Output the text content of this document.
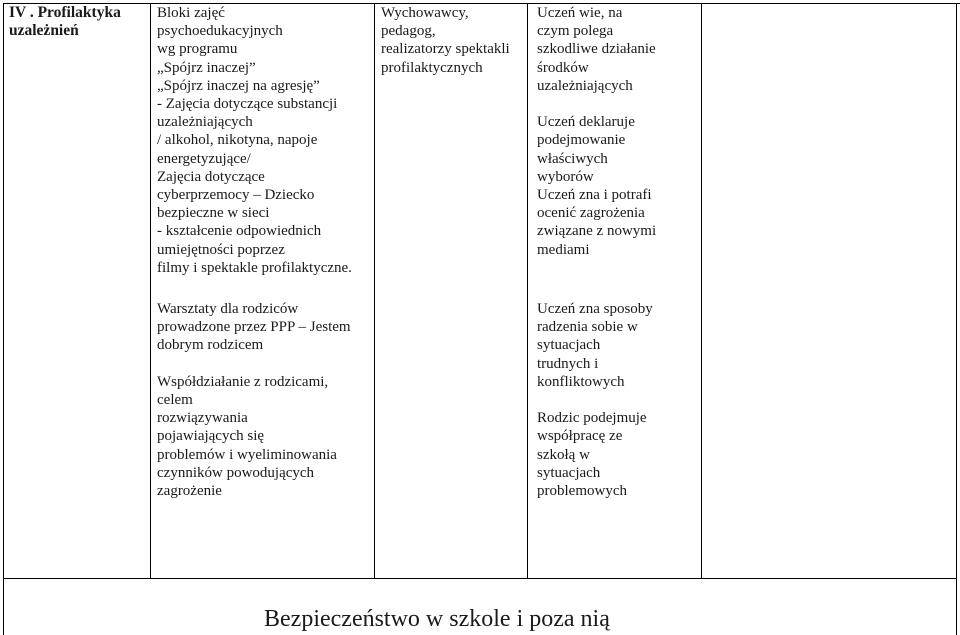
IV . Profilaktyka
uzależnień
Bloki zajęć
psychoedukacyjnych
wg programu
„Spójrz inaczej”
„Spójrz inaczej na agresję”
- Zajęcia dotyczące substancji
uzależniających
/ alkohol, nikotyna, napoje
energetyzujące/
Zajęcia dotyczące
cyberprzemocy – Dziecko
bezpieczne w sieci
- kształcenie odpowiednich
umiejętności poprzez
filmy i spektakle profilaktyczne.
Wychowawcy,
pedagog,
realizatorzy spektakli
profilaktycznych
Uczeń wie, na
czym polega
szkodliwe działanie
środków
uzależniających

Uczeń deklaruje
podejmowanie
właściwych
wyborów
Uczeń zna i potrafi
ocenić zagrożenia
związane z nowymi
mediami
Warsztaty dla rodziców
prowadzone przez PPP – Jestem
dobrym rodzicem

Współdziałanie z rodzicami,
celem
rozwiązywania
pojawiających się
problemów i wyeliminowania
czynników powodujących
zagrożenie
Uczeń zna sposoby
radzenia sobie w
sytuacjach
trudnych i
konfliktowych

Rodzic podejmuje
współpracę ze
szkołą w
sytuacjach
problemowych
Bezpieczeństwo w szkole i poza nią
